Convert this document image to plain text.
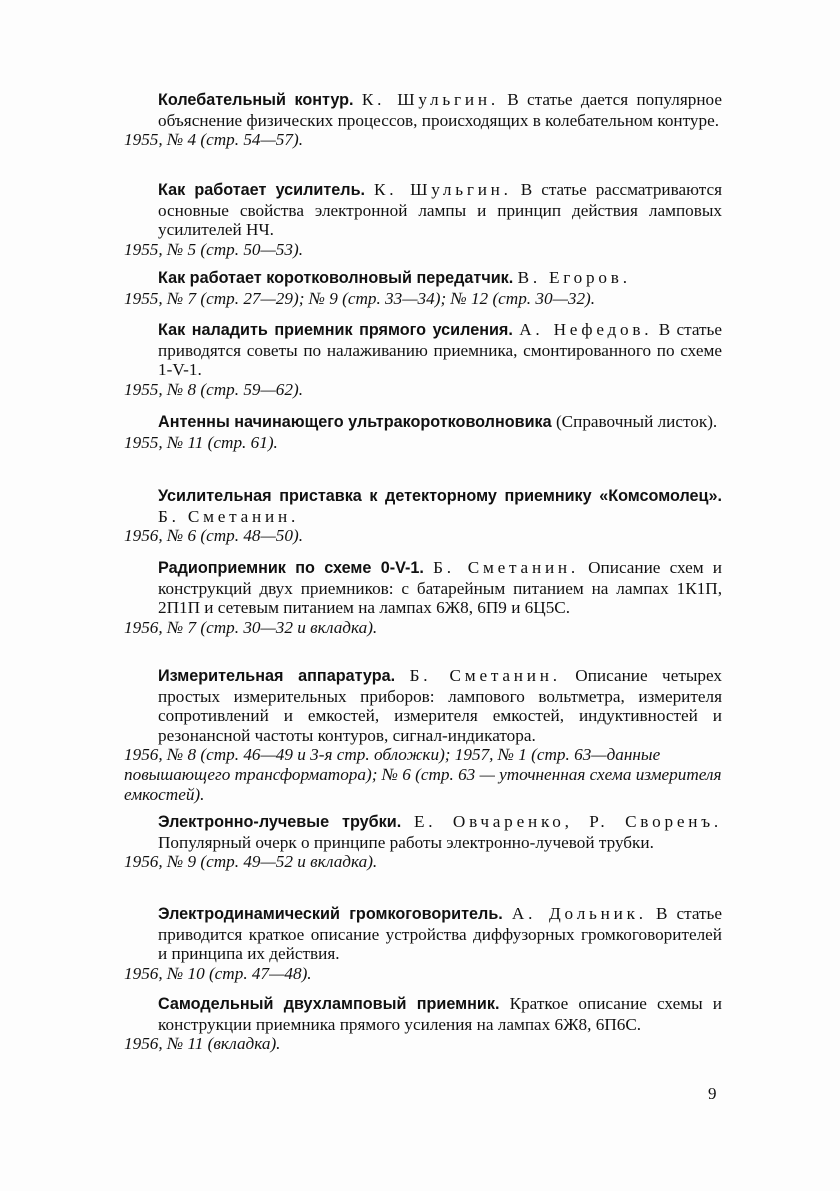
Колебательный контур. К. Шульгин. В статье дается популярное объяснение физических процессов, происходящих в колебательном контуре.

1955, № 4 (стр. 54—57).

Как работает усилитель. К. Шульгин. В статье рассматриваются основные свойства электронной лампы и принцип действия ламповых усилителей НЧ.

1955, № 5 (стр. 50—53).

Как работает коротковолновый передатчик. В. Егоров.

1955, № 7 (стр. 27—29); № 9 (стр. 33—34); № 12 (стр. 30—32).

Как наладить приемник прямого усиления. А. Нефедов. В статье приводятся советы по налаживанию приемника, смонтированного по схеме 1-V-1.

1955, № 8 (стр. 59—62).

Антенны начинающего ультракоротковолновика (Справочный листок).

1955, № 11 (стр. 61).

Усилительная приставка к детекторному приемнику «Комсомолец». Б. Сметанин.

1956, № 6 (стр. 48—50).

Радиоприемник по схеме 0-V-1. Б. Сметанин. Описание схем и конструкций двух приемников: с батарейным питанием на лампах 1К1П, 2П1П и сетевым питанием на лампах 6Ж8, 6П9 и 6Ц5С.

1956, № 7 (стр. 30—32 и вкладка).

Измерительная аппаратура. Б. Сметанин. Описание четырех простых измерительных приборов: лампового вольтметра, измерителя сопротивлений и емкостей, измерителя емкостей, индуктивностей и резонансной частоты контуров, сигнал-индикатора.

1956, № 8 (стр. 46—49 и 3-я стр. обложки); 1957, № 1 (стр. 63—данные повышающего трансформатора); № 6 (стр. 63 — уточненная схема измерителя емкостей).

Электронно-лучевые трубки. Е. Овчаренко, Р. Своренъ. Популярный очерк о принципе работы электронно-лучевой трубки.

1956, № 9 (стр. 49—52 и вкладка).

Электродинамический громкоговоритель. А. Дольник. В статье приводится краткое описание устройства диффузорных громкоговорителей и принципа их действия.

1956, № 10 (стр. 47—48).

Самодельный двухламповый приемник. Краткое описание схемы и конструкции приемника прямого усиления на лампах 6Ж8, 6П6С.

1956, № 11 (вкладка).
9
